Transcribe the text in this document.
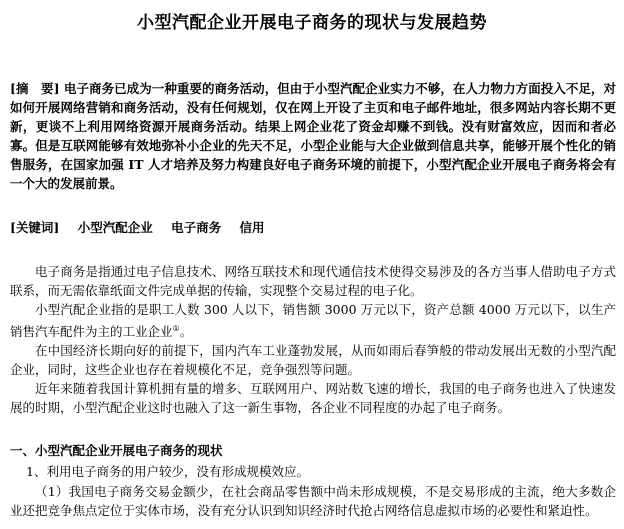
小型汽配企业开展电子商务的现状与发展趋势
[摘　要] 电子商务已成为一种重要的商务活动，但由于小型汽配企业实力不够，在人力物力方面投入不足，对如何开展网络营销和商务活动，没有任何规划，仅在网上开设了主页和电子邮件地址，很多网站内容长期不更新，更谈不上利用网络资源开展商务活动。结果上网企业花了资金却赚不到钱。没有财富效应，因而和者必寡。但是互联网能够有效地弥补小企业的先天不足，小型企业能与大企业做到信息共享，能够开展个性化的销售服务，在国家加强 IT 人才培养及努力构建良好电子商务环境的前提下，小型汽配企业开展电子商务将会有一个大的发展前景。
[关键词] 小型汽配企业 电子商务 信用

电子商务是指通过电子信息技术、网络互联技术和现代通信技术使得交易涉及的各方当事人借助电子方式联系，而无需依靠纸面文件完成单据的传输，实现整个交易过程的电子化。

小型汽配企业指的是职工人数 300 人以下，销售额 3000 万元以下，资产总额 4000 万元以下，以生产销售汽车配件为主的工业企业①。

在中国经济长期向好的前提下，国内汽车工业蓬勃发展，从而如雨后春笋般的带动发展出无数的小型汽配企业，同时，这些企业也存在着规模化不足，竞争强烈等问题。

近年来随着我国计算机拥有量的增多、互联网用户、网站数飞速的增长，我国的电子商务也进入了快速发展的时期，小型汽配企业这时也融入了这一新生事物，各企业不同程度的办起了电子商务。

一、小型汽配企业开展电子商务的现状
1、利用电子商务的用户较少，没有形成规模效应。

（1）我国电子商务交易金额少，在社会商品零售额中尚未形成规模，不是交易形成的主流，绝大多数企业还把竞争焦点定位于实体市场，没有充分认识到知识经济时代抢占网络信息虚拟市场的必要性和紧迫性。
